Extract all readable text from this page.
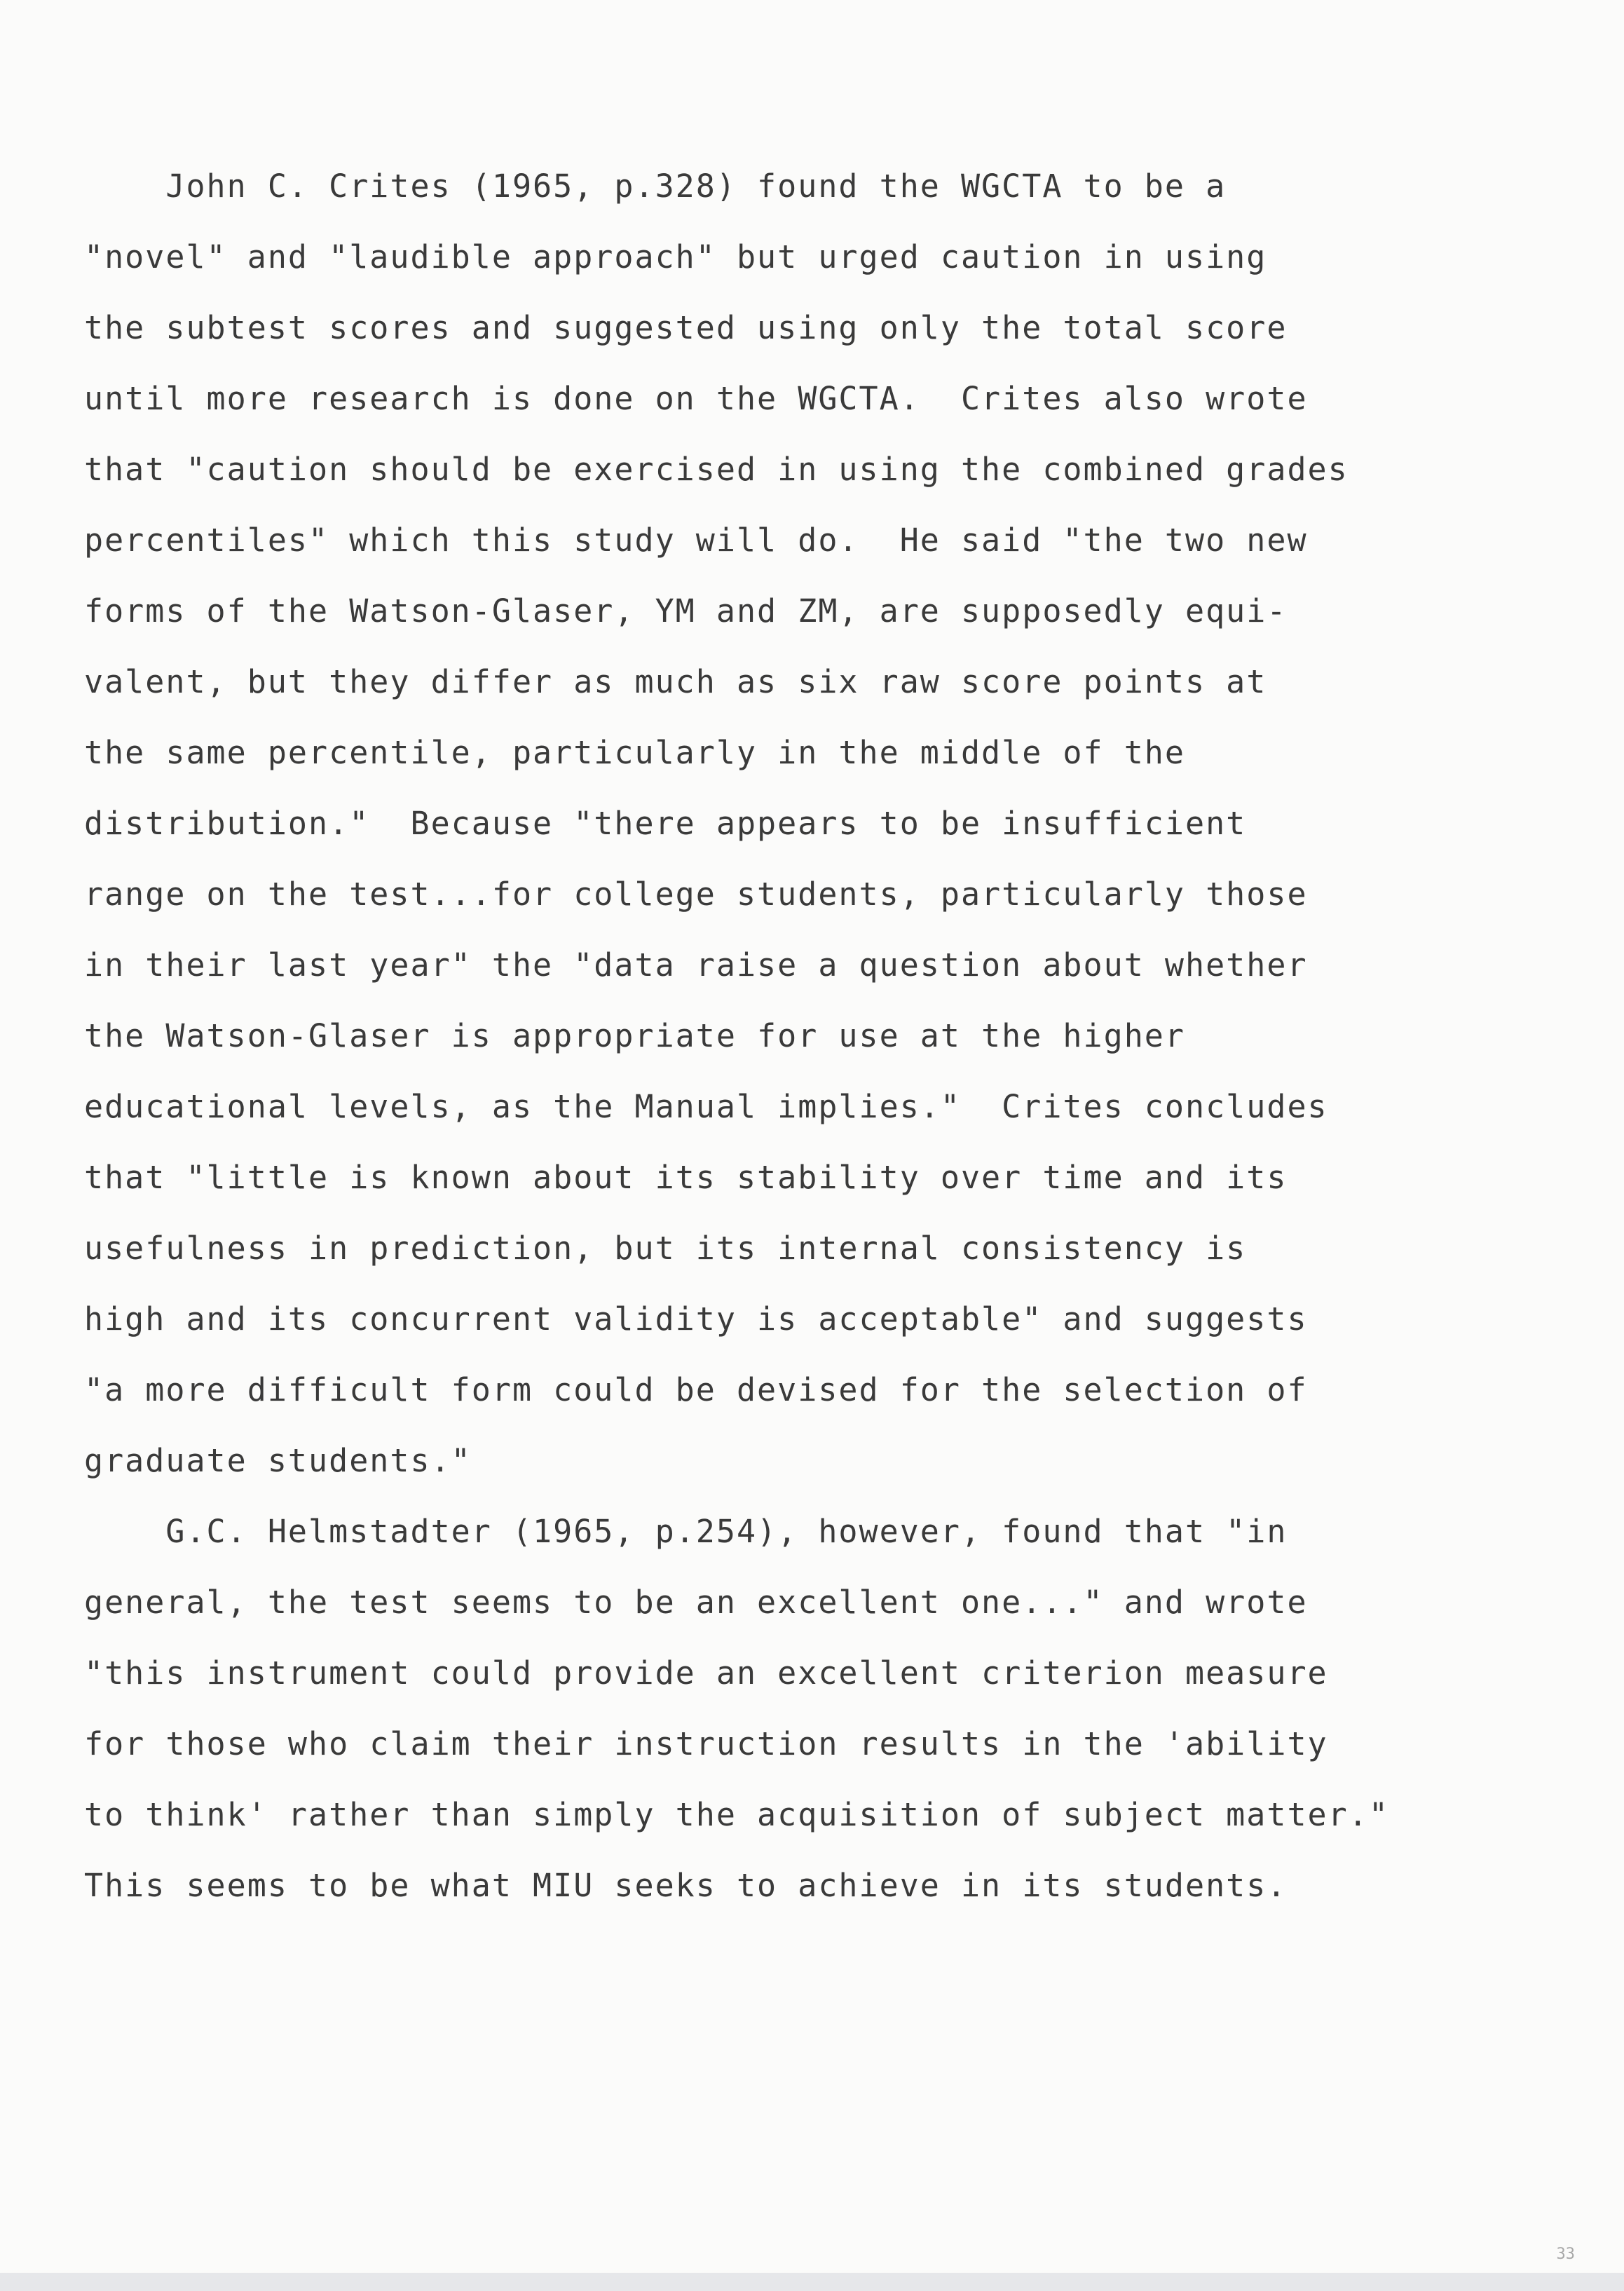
John C. Crites (1965, p.328) found the WGCTA to be a
"novel" and "laudible approach" but urged caution in using
the subtest scores and suggested using only the total score
until more research is done on the WGCTA.  Crites also wrote
that "caution should be exercised in using the combined grades
percentiles" which this study will do.  He said "the two new
forms of the Watson-Glaser, YM and ZM, are supposedly equi-
valent, but they differ as much as six raw score points at
the same percentile, particularly in the middle of the
distribution."  Because "there appears to be insufficient
range on the test...for college students, particularly those
in their last year" the "data raise a question about whether
the Watson-Glaser is appropriate for use at the higher
educational levels, as the Manual implies."  Crites concludes
that "little is known about its stability over time and its
usefulness in prediction, but its internal consistency is
high and its concurrent validity is acceptable" and suggests
"a more difficult form could be devised for the selection of
graduate students."
G.C. Helmstadter (1965, p.254), however, found that "in
general, the test seems to be an excellent one..." and wrote
"this instrument could provide an excellent criterion measure
for those who claim their instruction results in the 'ability
to think' rather than simply the acquisition of subject matter."
This seems to be what MIU seeks to achieve in its students.
33
